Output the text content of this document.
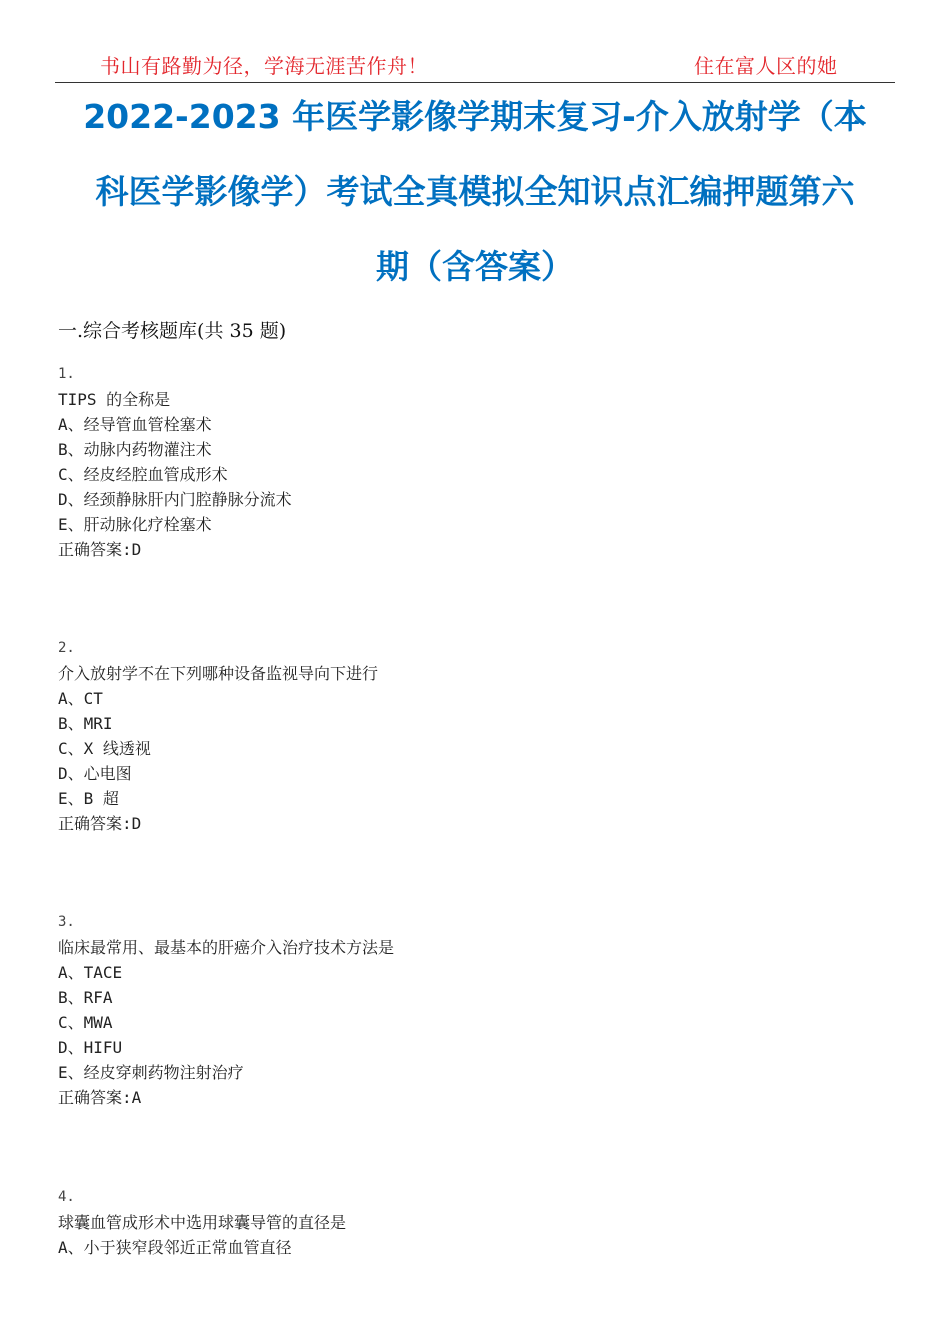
书山有路勤为径，学海无涯苦作舟！	住在富人区的她
2022-2023 年医学影像学期末复习-介入放射学（本
科医学影像学）考试全真模拟全知识点汇编押题第六
期（含答案）
一.综合考核题库(共 35 题)
1.
TIPS 的全称是
A、经导管血管栓塞术
B、动脉内药物灌注术
C、经皮经腔血管成形术
D、经颈静脉肝内门腔静脉分流术
E、肝动脉化疗栓塞术
正确答案:D
2.
介入放射学不在下列哪种设备监视导向下进行
A、CT
B、MRI
C、X 线透视
D、心电图
E、B 超
正确答案:D
3.
临床最常用、最基本的肝癌介入治疗技术方法是
A、TACE
B、RFA
C、MWA
D、HIFU
E、经皮穿刺药物注射治疗
正确答案:A
4.
球囊血管成形术中选用球囊导管的直径是
A、小于狭窄段邻近正常血管直径
